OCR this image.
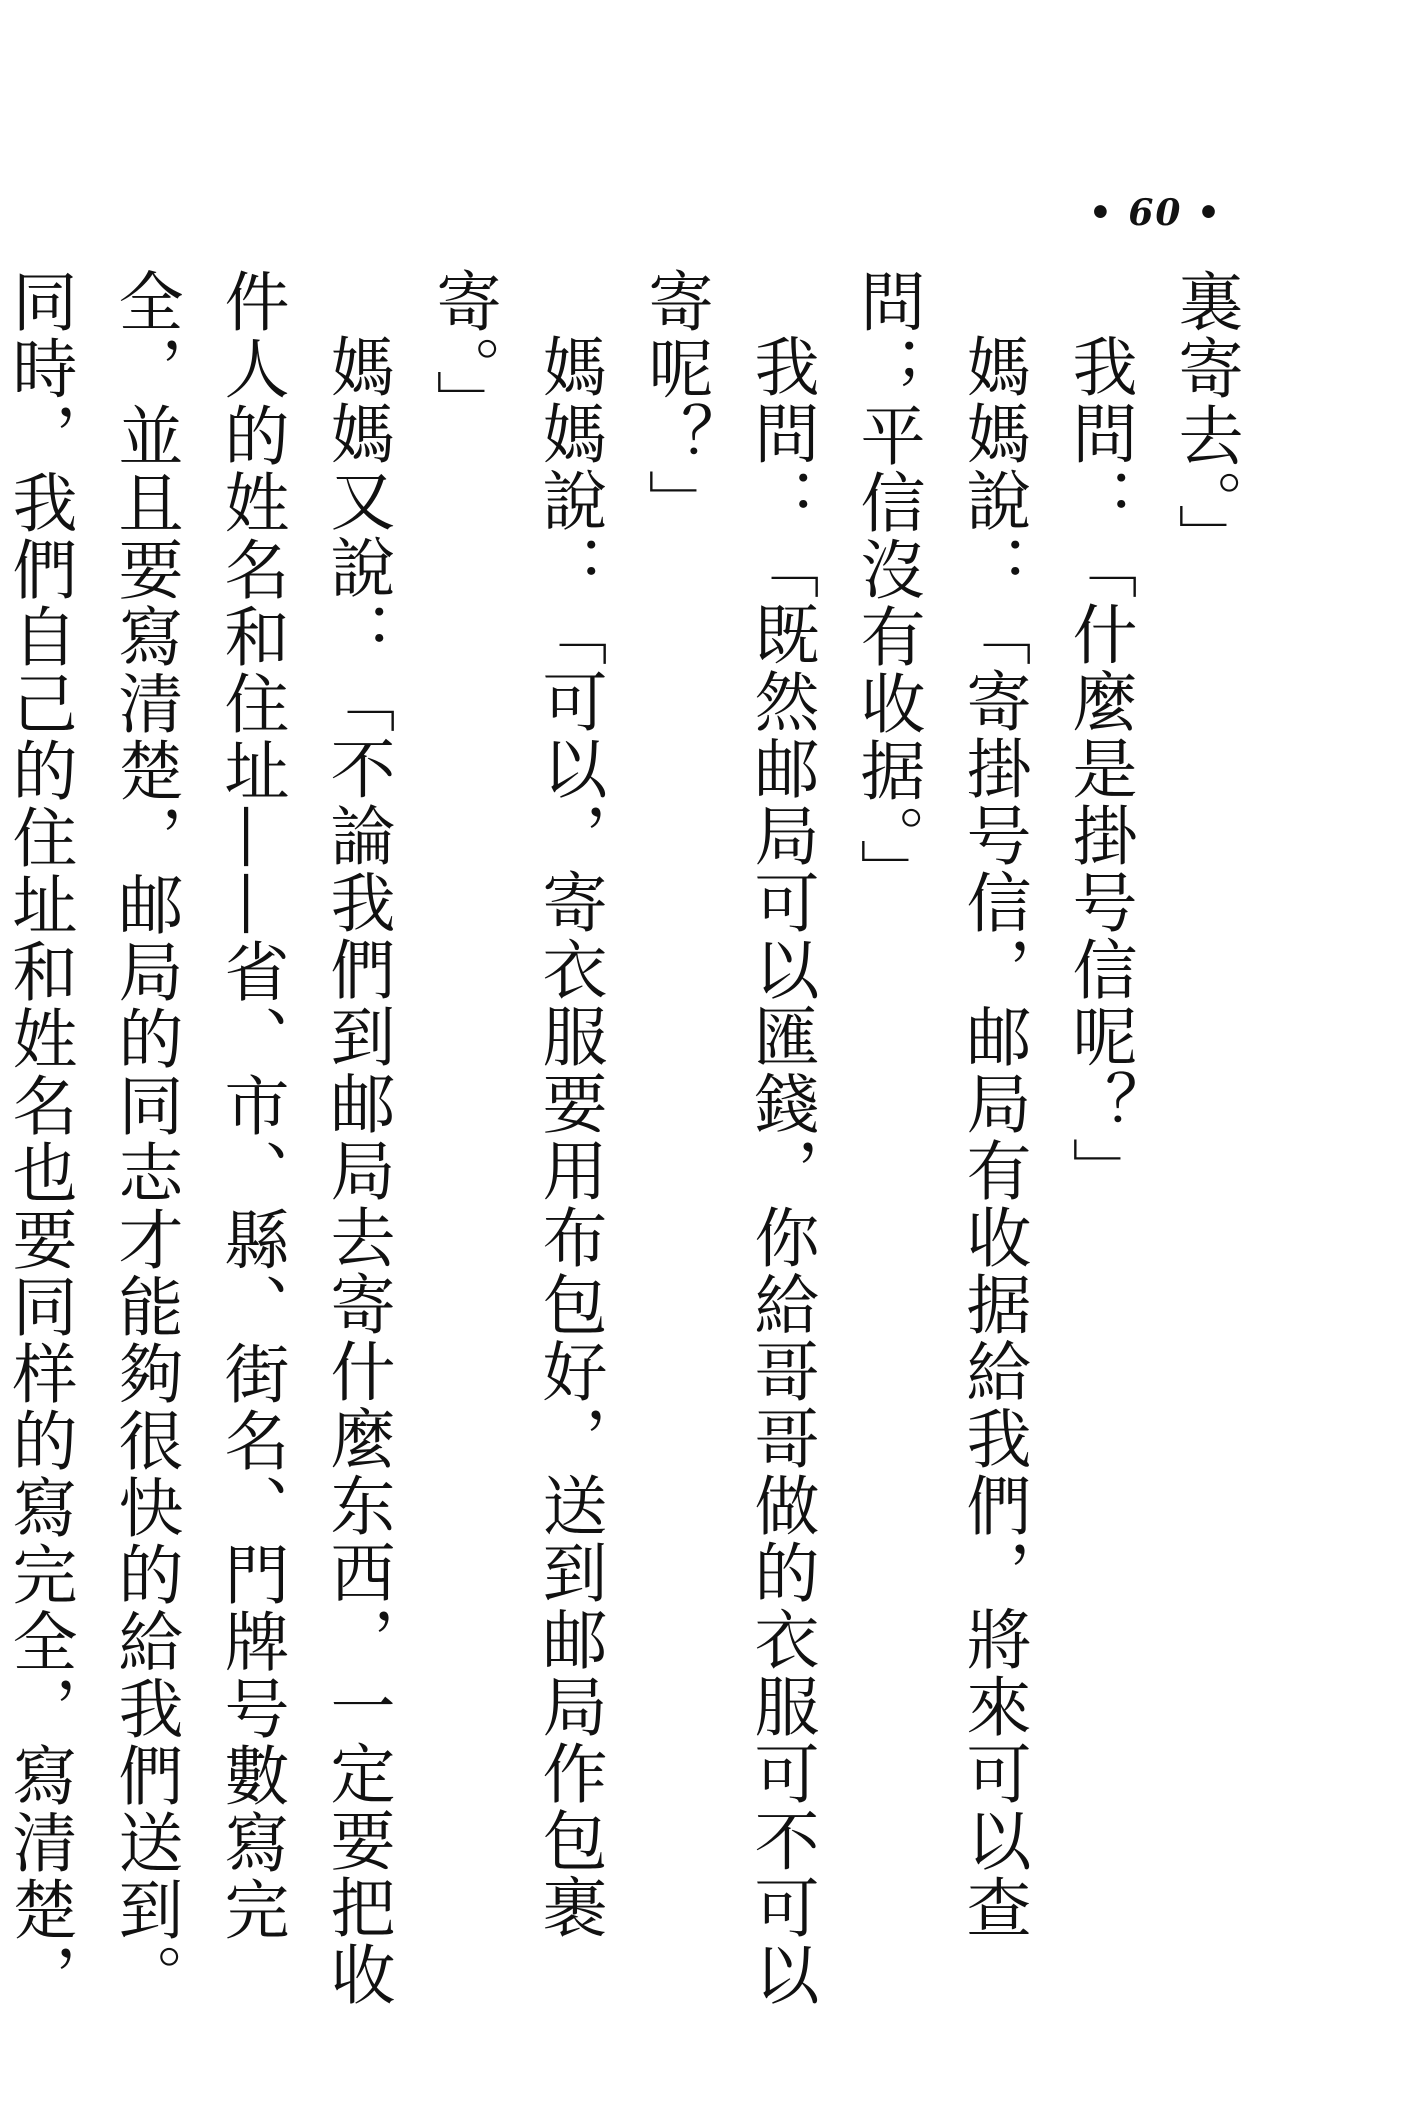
• 60 •

裏寄去。」

我問：「什麼是掛号信呢？」

媽媽說：「寄掛号信，邮局有收据給我們，將來可以查問；平信沒有收据。」

我問：「既然邮局可以匯錢，你給哥哥做的衣服可不可以寄呢？」

媽媽說：「可以，寄衣服要用布包好，送到邮局作包裹寄。」

媽媽又說：「不論我們到邮局去寄什麼东西，一定要把收件人的姓名和住址——省、市、縣、街名、門牌号數寫完全，並且要寫清楚，邮局的同志才能夠很快的給我們送到。同時，我們自己的住址和姓名也要同样的寫完全，寫清楚，
